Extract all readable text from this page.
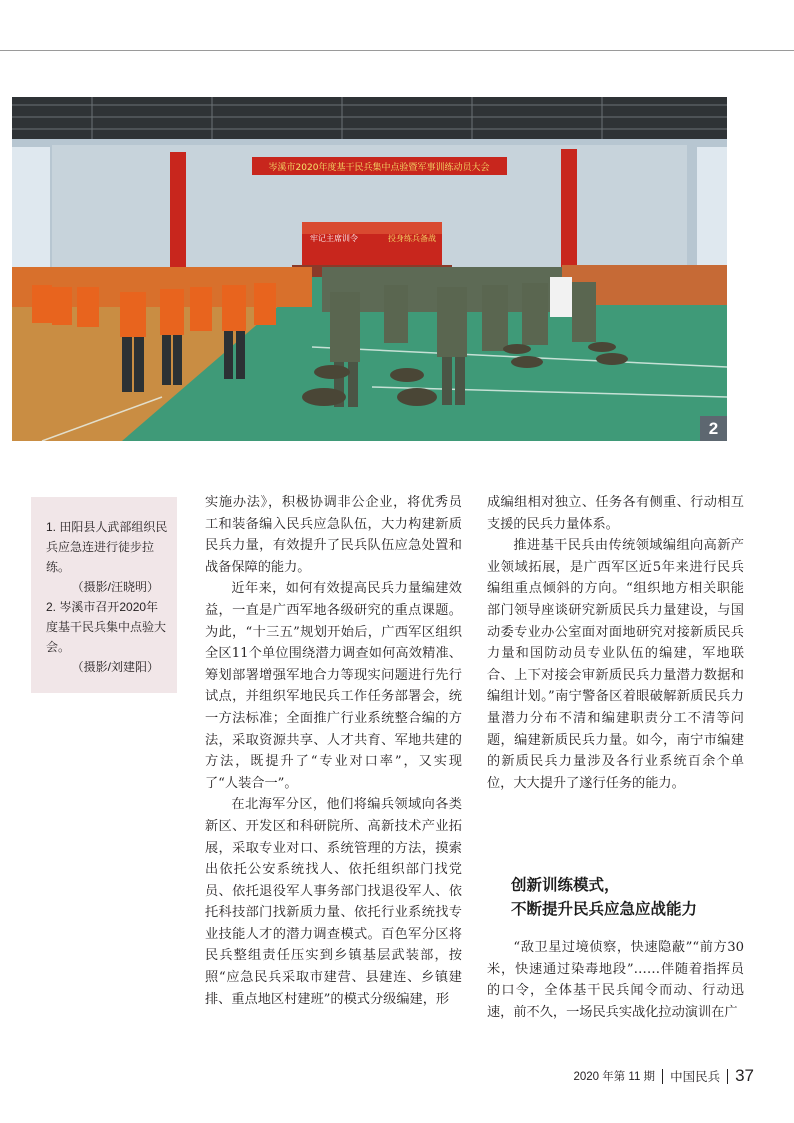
岑溪市2020年度基干民兵集中点验暨军事训练动员大会
牢记主席训令	投身练兵备战
2

1. 田阳县人武部组织民兵应急连进行徒步拉练。

（摄影/汪晓明）

2. 岑溪市召开2020年度基干民兵集中点验大会。

（摄影/刘建阳）

实施办法》，积极协调非公企业，将优秀员工和装备编入民兵应急队伍，大力构建新质民兵力量，有效提升了民兵队伍应急处置和战备保障的能力。

近年来，如何有效提高民兵力量编建效益，一直是广西军地各级研究的重点课题。为此，“十三五”规划开始后，广西军区组织全区11个单位围绕潜力调查如何高效精准、筹划部署增强军地合力等现实问题进行先行试点，并组织军地民兵工作任务部署会，统一方法标准；全面推广行业系统整合编的方法，采取资源共享、人才共育、军地共建的方法，既提升了“专业对口率”，又实现了“人装合一”。

在北海军分区，他们将编兵领域向各类新区、开发区和科研院所、高新技术产业拓展，采取专业对口、系统管理的方法，摸索出依托公安系统找人、依托组织部门找党员、依托退役军人事务部门找退役军人、依托科技部门找新质力量、依托行业系统找专业技能人才的潜力调查模式。百色军分区将民兵整组责任压实到乡镇基层武装部，按照“应急民兵采取市建营、县建连、乡镇建排、重点地区村建班”的模式分级编建，形

成编组相对独立、任务各有侧重、行动相互支援的民兵力量体系。

推进基干民兵由传统领域编组向高新产业领域拓展，是广西军区近5年来进行民兵编组重点倾斜的方向。“组织地方相关职能部门领导座谈研究新质民兵力量建设，与国动委专业办公室面对面地研究对接新质民兵力量和国防动员专业队伍的编建，军地联合、上下对接会审新质民兵力量潜力数据和编组计划。”南宁警备区着眼破解新质民兵力量潜力分布不清和编建职责分工不清等问题，编建新质民兵力量。如今，南宁市编建的新质民兵力量涉及各行业系统百余个单位，大大提升了遂行任务的能力。

创新训练模式，
不断提升民兵应急应战能力

“敌卫星过境侦察，快速隐蔽”“前方30米，快速通过染毒地段”……伴随着指挥员的口令，全体基干民兵闻令而动、行动迅速，前不久，一场民兵实战化拉动演训在广

2020 年第 11 期 中国民兵 37
